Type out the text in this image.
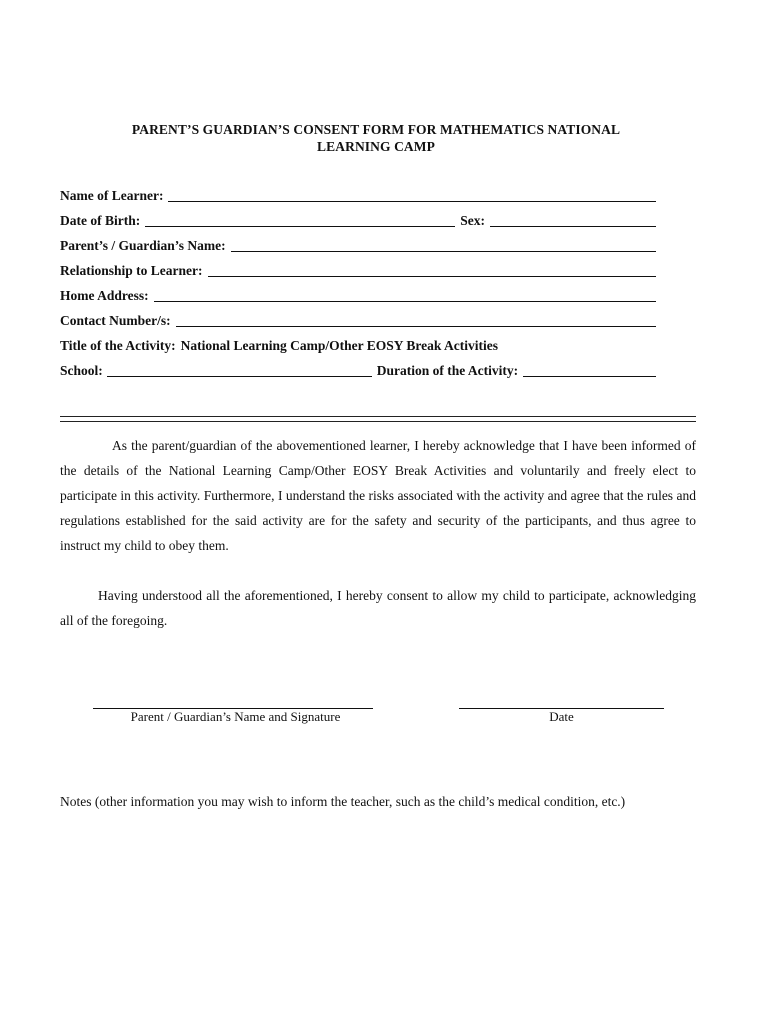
PARENT’S GUARDIAN’S CONSENT FORM FOR MATHEMATICS NATIONAL
LEARNING CAMP
Name of Learner:
Date of Birth:	Sex:
Parent’s / Guardian’s Name:
Relationship to Learner:
Home Address:
Contact Number/s:
Title of the Activity: National Learning Camp/Other EOSY Break Activities
School:	Duration of the Activity:
As the parent/guardian of the abovementioned learner, I hereby acknowledge that I have been informed of the details of the National Learning Camp/Other EOSY Break Activities and voluntarily and freely elect to participate in this activity. Furthermore, I understand the risks associated with the activity and agree that the rules and regulations established for the said activity are for the safety and security of the participants, and thus agree to instruct my child to obey them.
Having understood all the aforementioned, I hereby consent to allow my child to participate, acknowledging all of the foregoing.
Parent / Guardian’s Name and Signature	Date
Notes (other information you may wish to inform the teacher, such as the child’s medical condition, etc.)
